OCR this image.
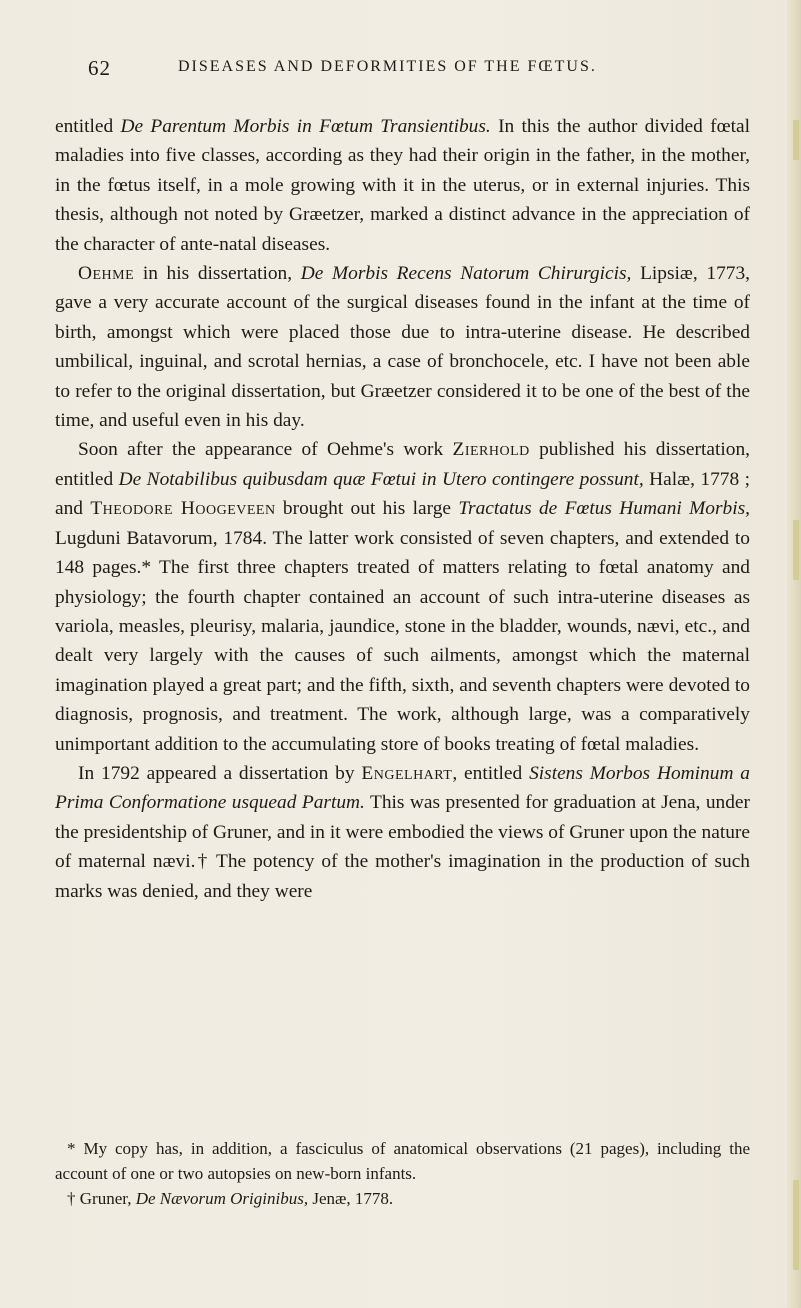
62	DISEASES AND DEFORMITIES OF THE FŒTUS.

entitled De Parentum Morbis in Fœtum Transientibus. In this the author divided fœtal maladies into five classes, according as they had their origin in the father, in the mother, in the fœtus itself, in a mole growing with it in the uterus, or in external injuries. This thesis, although not noted by Græetzer, marked a distinct advance in the appreciation of the character of ante-natal diseases.

Oehme in his dissertation, De Morbis Recens Natorum Chirurgicis, Lipsiæ, 1773, gave a very accurate account of the surgical diseases found in the infant at the time of birth, amongst which were placed those due to intra-uterine disease. He described umbilical, inguinal, and scrotal hernias, a case of bronchocele, etc. I have not been able to refer to the original dissertation, but Græetzer considered it to be one of the best of the time, and useful even in his day.

Soon after the appearance of Oehme's work Zierhold published his dissertation, entitled De Notabilibus quibusdam quæ Fœtui in Utero contingere possunt, Halæ, 1778 ; and Theodore Hoogeveen brought out his large Tractatus de Fœtus Humani Morbis, Lugduni Batavorum, 1784. The latter work consisted of seven chapters, and extended to 148 pages.* The first three chapters treated of matters relating to fœtal anatomy and physiology; the fourth chapter contained an account of such intra-uterine diseases as variola, measles, pleurisy, malaria, jaundice, stone in the bladder, wounds, nævi, etc., and dealt very largely with the causes of such ailments, amongst which the maternal imagination played a great part; and the fifth, sixth, and seventh chapters were devoted to diagnosis, prognosis, and treatment. The work, although large, was a comparatively unimportant addition to the accumulating store of books treating of fœtal maladies.

In 1792 appeared a dissertation by Engelhart, entitled Sistens Morbos Hominum a Prima Conformatione usquead Partum. This was presented for graduation at Jena, under the presidentship of Gruner, and in it were embodied the views of Gruner upon the nature of maternal nævi.† The potency of the mother's imagination in the production of such marks was denied, and they were

* My copy has, in addition, a fasciculus of anatomical observations (21 pages), including the account of one or two autopsies on new-born infants.

† Gruner, De Nævorum Originibus, Jenæ, 1778.
